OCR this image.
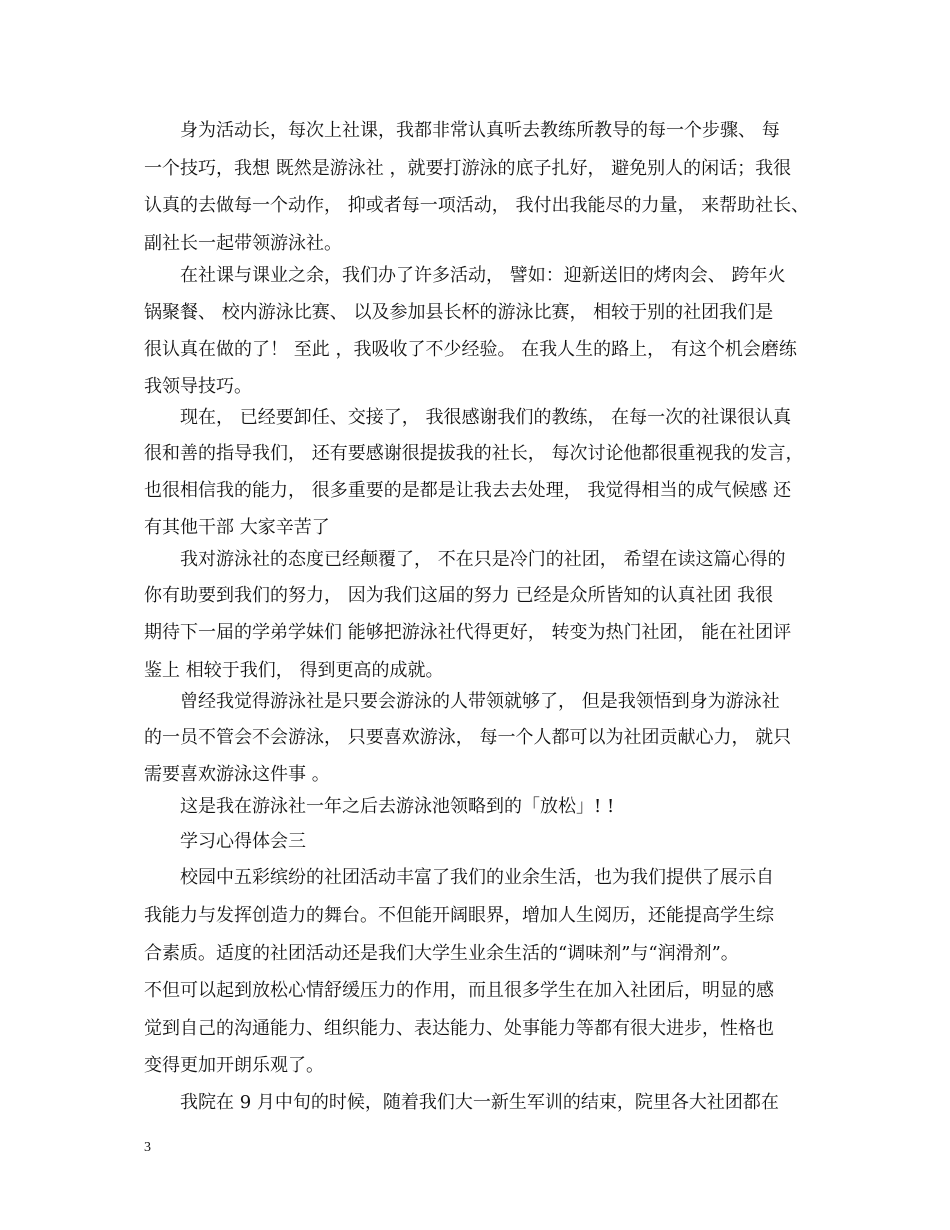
身为活动长，每次上社课，我都非常认真听去教练所教导的每一个步骤、 每
一个技巧，我想 既然是游泳社 ，就要打游泳的底子扎好， 避免别人的闲话；我很
认真的去做每一个动作， 抑或者每一项活动， 我付出我能尽的力量， 来帮助社长、
副社长一起带领游泳社。
在社课与课业之余，我们办了许多活动， 譬如：迎新送旧的烤肉会、 跨年火
锅聚餐、 校内游泳比赛、 以及参加县长杯的游泳比赛， 相较于别的社团我们是
很认真在做的了！ 至此 ，我吸收了不少经验。 在我人生的路上， 有这个机会磨练
我领导技巧。
现在， 已经要卸任、交接了， 我很感谢我们的教练， 在每一次的社课很认真
很和善的指导我们， 还有要感谢很提拔我的社长， 每次讨论他都很重视我的发言，
也很相信我的能力， 很多重要的是都是让我去去处理， 我觉得相当的成气候感 还
有其他干部 大家辛苦了
我对游泳社的态度已经颠覆了， 不在只是冷门的社团， 希望在读这篇心得的
你有助要到我们的努力， 因为我们这届的努力 已经是众所皆知的认真社团 我很
期待下一届的学弟学妹们 能够把游泳社代得更好， 转变为热门社团， 能在社团评
鉴上 相较于我们， 得到更高的成就。
曾经我觉得游泳社是只要会游泳的人带领就够了， 但是我领悟到身为游泳社
的一员不管会不会游泳， 只要喜欢游泳， 每一个人都可以为社团贡献心力， 就只
需要喜欢游泳这件事 。
这是我在游泳社一年之后去游泳池领略到的「放松」! !
学习心得体会三
校园中五彩缤纷的社团活动丰富了我们的业余生活，也为我们提供了展示自
我能力与发挥创造力的舞台。不但能开阔眼界，增加人生阅历，还能提高学生综
合素质。适度的社团活动还是我们大学生业余生活的“调味剂”与“润滑剂”。
不但可以起到放松心情舒缓压力的作用，而且很多学生在加入社团后，明显的感
觉到自己的沟通能力、组织能力、表达能力、处事能力等都有很大进步，性格也
变得更加开朗乐观了。
我院在 9 月中旬的时候，随着我们大一新生军训的结束，院里各大社团都在
3
